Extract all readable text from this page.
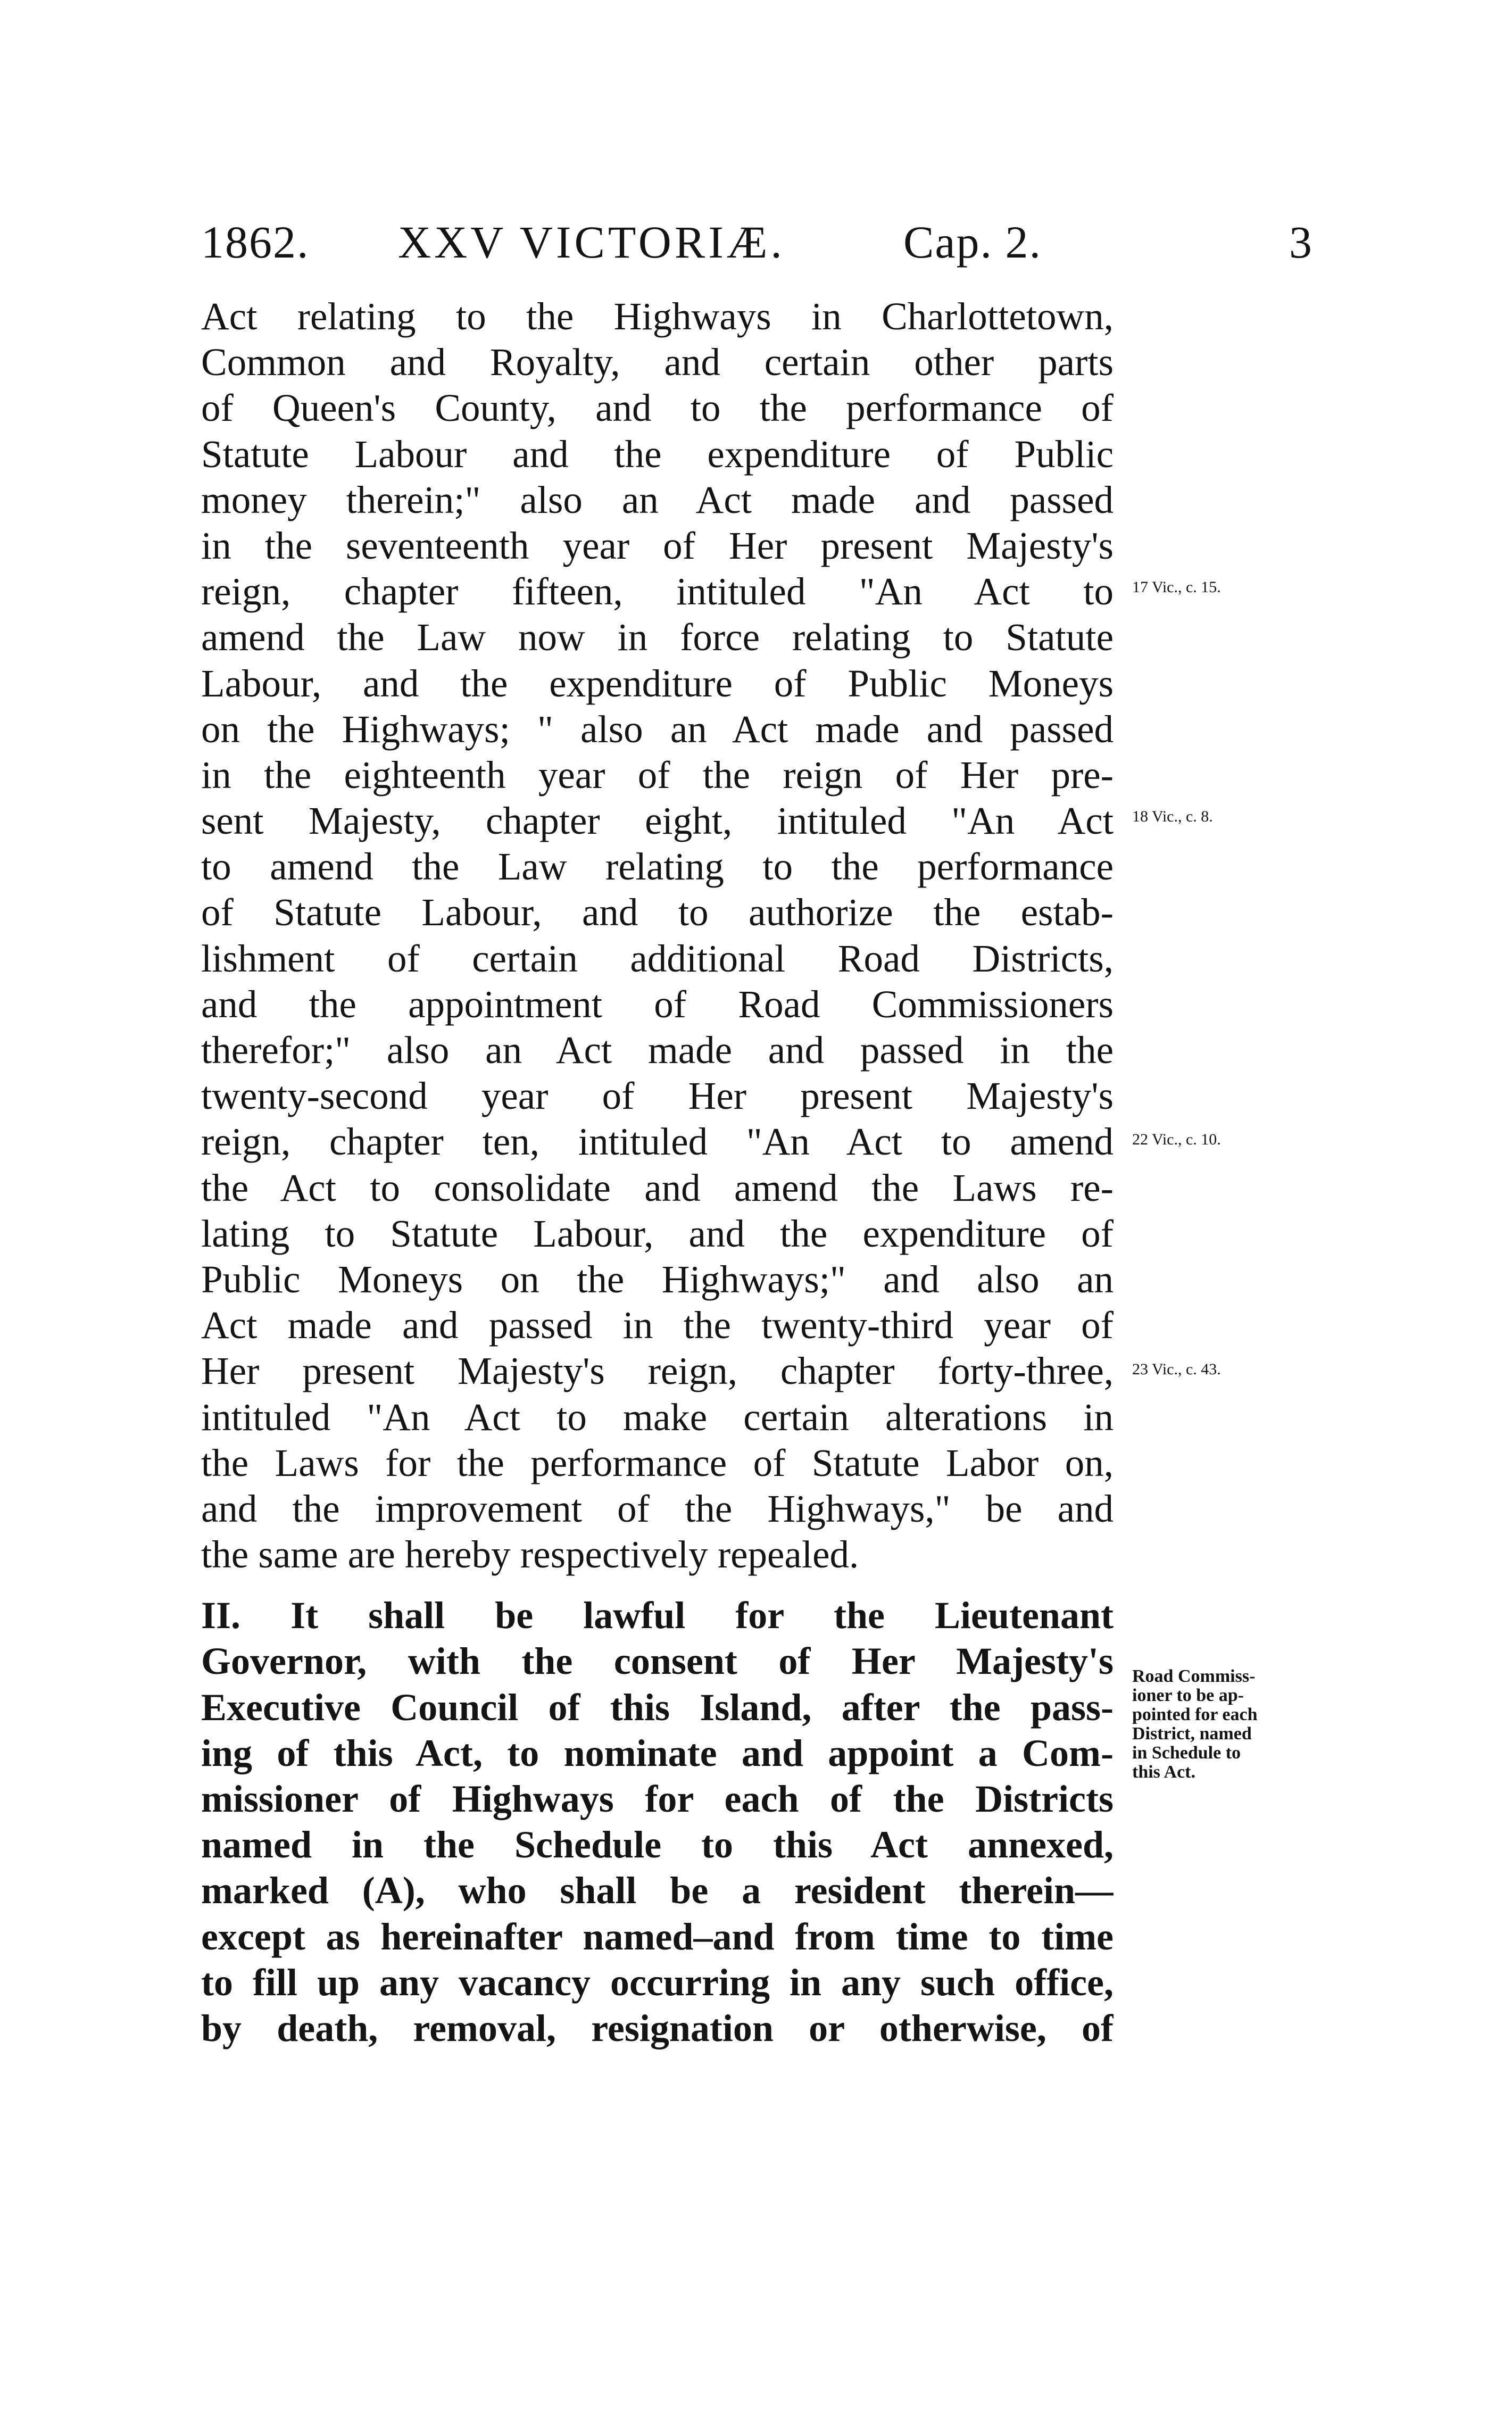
1862. XXV VICTORIÆ.	Cap. 2.	3
Act relating to the Highways in Charlottetown,
Common and Royalty, and certain other parts
of Queen's County, and to the performance of
Statute Labour and the expenditure of Public
money therein;" also an Act made and passed
in the seventeenth year of Her present Majesty's
reign, chapter fifteen, intituled "An Act to
amend the Law now in force relating to Statute
Labour, and the expenditure of Public Moneys
on the Highways; " also an Act made and passed
in the eighteenth year of the reign of Her pre-
sent Majesty, chapter eight, intituled "An Act
to amend the Law relating to the performance
of Statute Labour, and to authorize the estab-
lishment of certain additional Road Districts,
and the appointment of Road Commissioners
therefor;" also an Act made and passed in the
twenty-second year of Her present Majesty's
reign, chapter ten, intituled "An Act to amend
the Act to consolidate and amend the Laws re-
lating to Statute Labour, and the expenditure of
Public Moneys on the Highways;" and also an
Act made and passed in the twenty-third year of
Her present Majesty's reign, chapter forty-three,
intituled "An Act to make certain alterations in
the Laws for the performance of Statute Labor on,
and the improvement of the Highways," be and
the same are hereby respectively repealed.
II. It shall be lawful for the Lieutenant
Governor, with the consent of Her Majesty's
Executive Council of this Island, after the pass-
ing of this Act, to nominate and appoint a Com-
missioner of Highways for each of the Districts
named in the Schedule to this Act annexed,
marked (A), who shall be a resident therein—
except as hereinafter named–and from time to time
to fill up any vacancy occurring in any such office,
by death, removal, resignation or otherwise, of
17 Vic., c. 15.
18 Vic., c. 8.
22 Vic., c. 10.
23 Vic., c. 43.
Road Commiss-
ioner to be ap-
pointed for each
District, named
in Schedule to
this Act.
